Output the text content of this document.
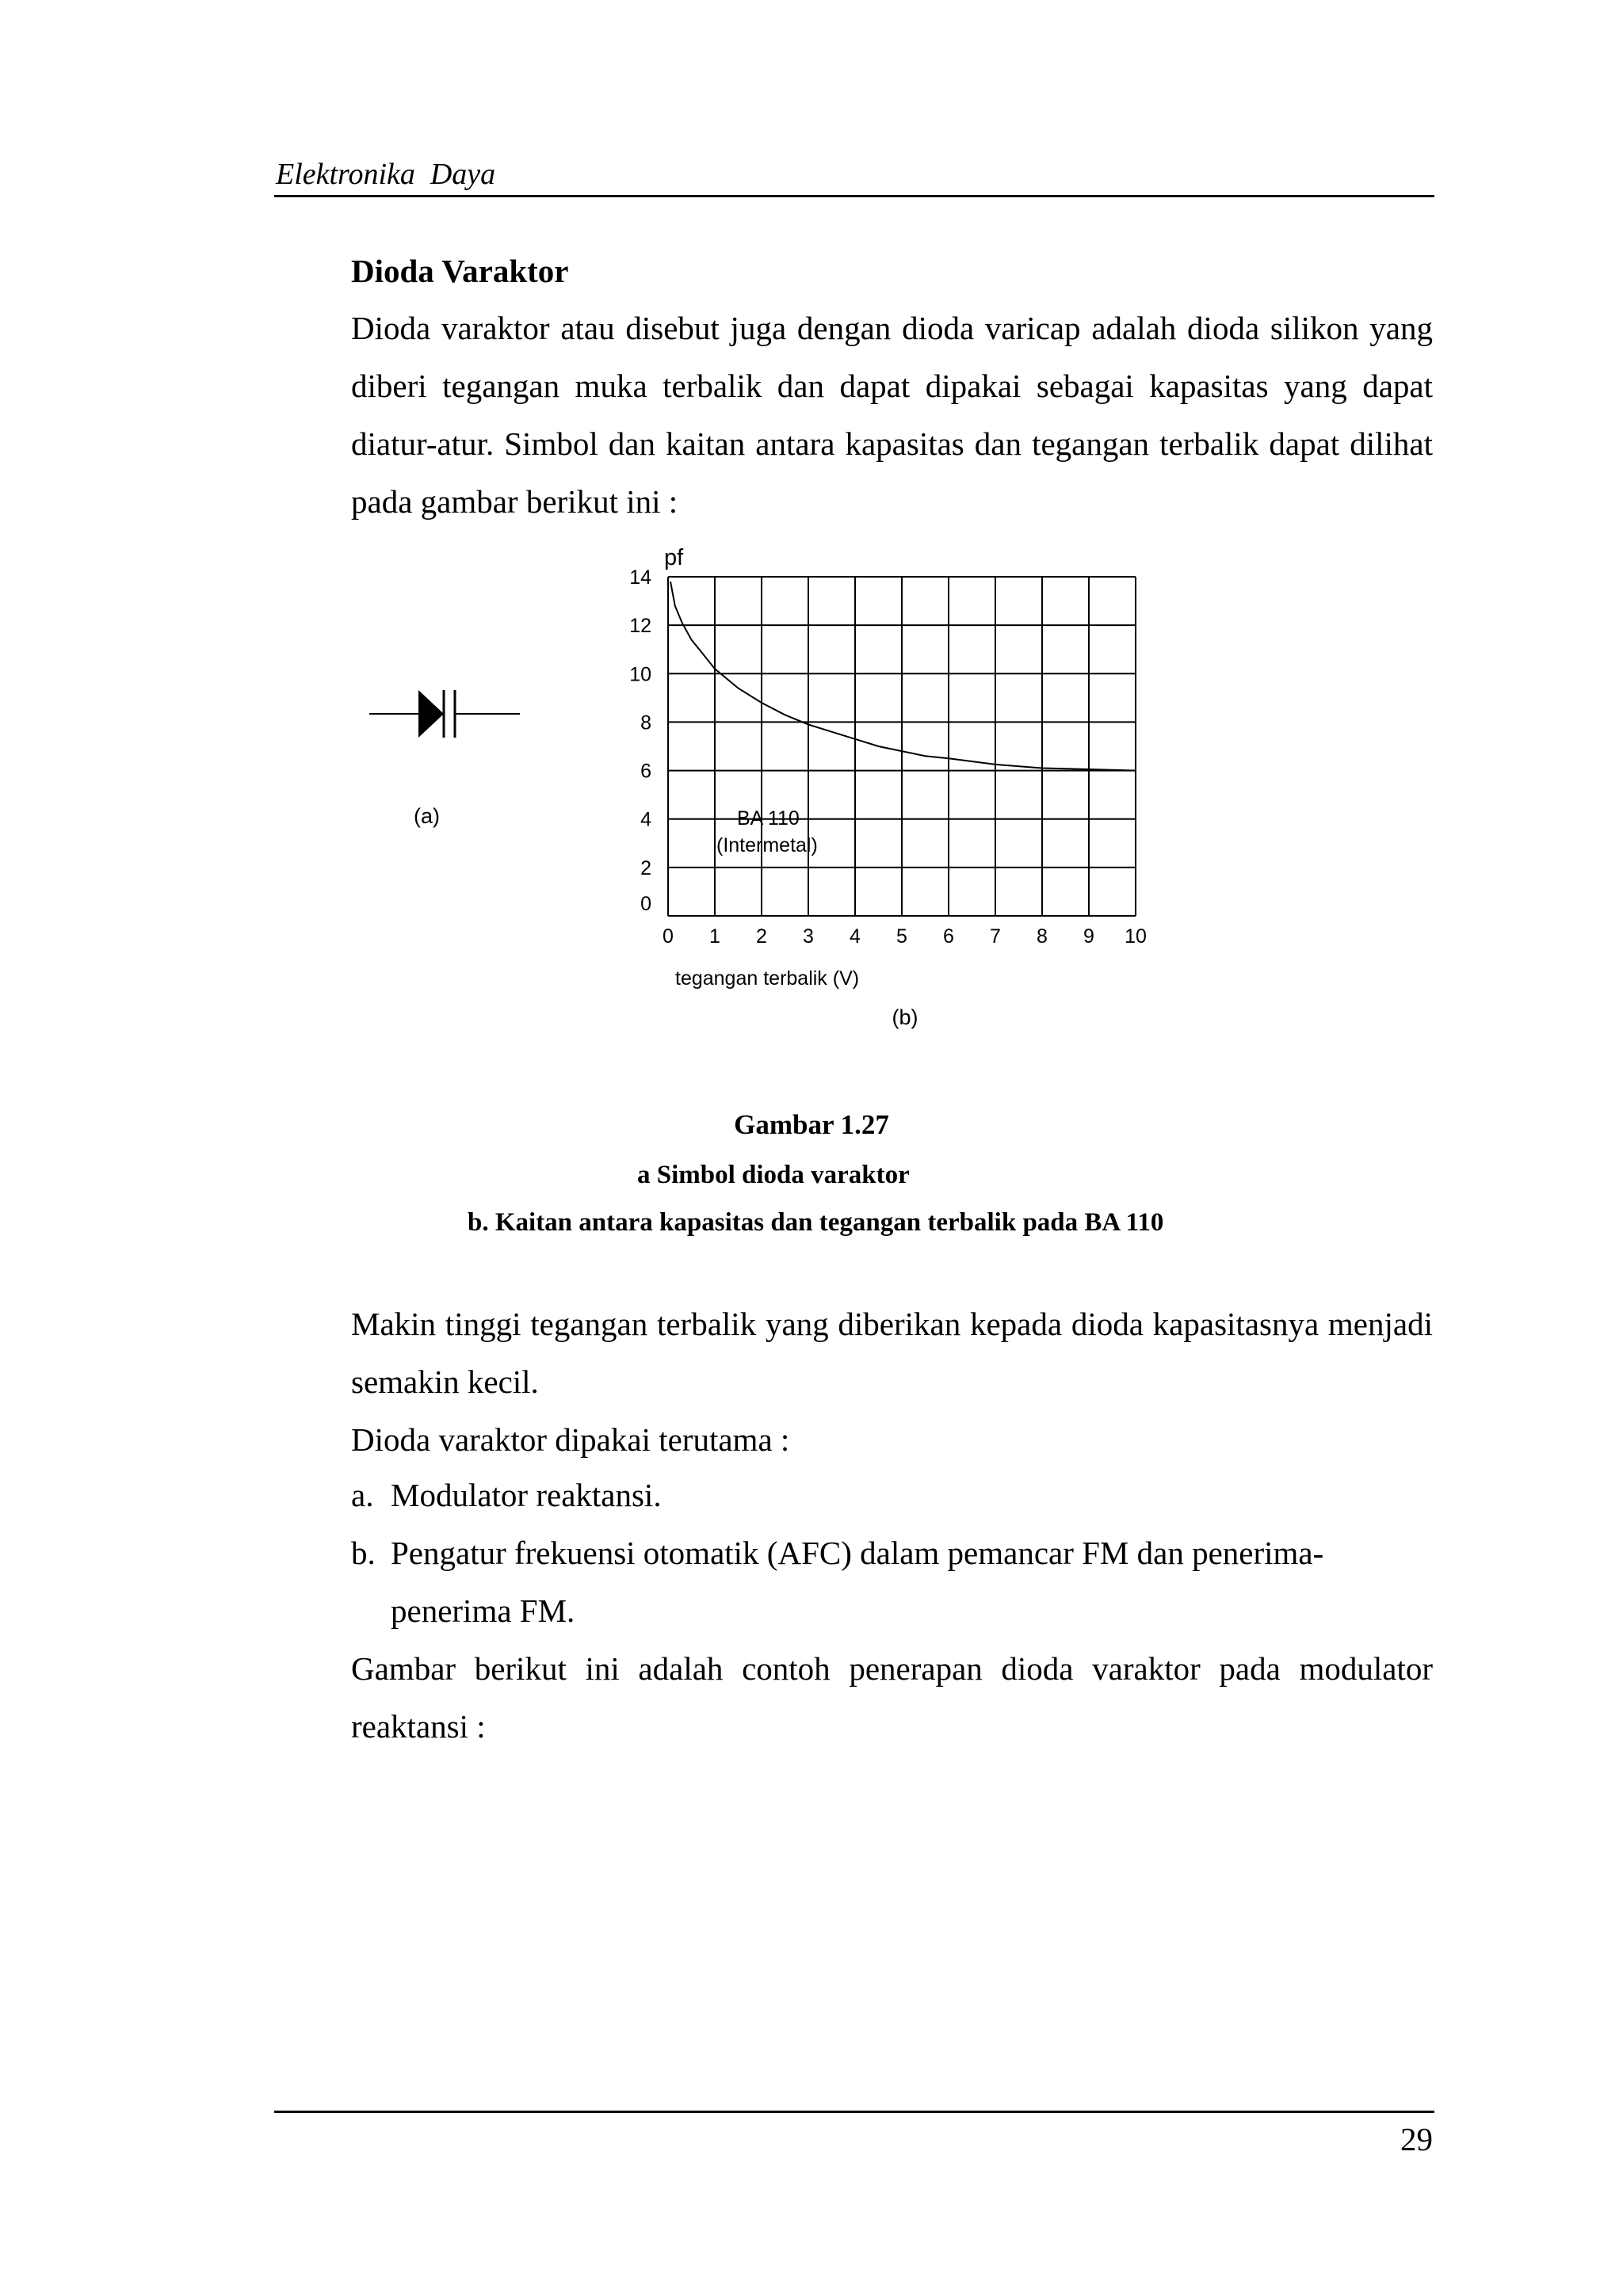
Elektronika  Daya
Dioda Varaktor

Dioda varaktor atau disebut juga dengan dioda varicap adalah dioda silikon yang diberi tegangan muka terbalik dan dapat dipakai sebagai kapasitas yang dapat diatur-atur. Simbol dan kaitan antara kapasitas dan tegangan terbalik dapat dilihat pada gambar berikut ini :

(a)
0 1 2 3 4 5 6 7 8 9 10
0
2
4
6
8
10
12
14
pf
tegangan terbalik (V)
BA 110
(Intermetal)
(b)
Gambar 1.27
a Simbol dioda varaktor
b. Kaitan antara kapasitas dan tegangan terbalik pada BA 110

Makin tinggi tegangan terbalik yang diberikan kepada dioda kapasitasnya menjadi semakin kecil.
Dioda varaktor dipakai terutama :

a. Modulator reaktansi.
b. Pengatur frekuensi otomatik (AFC) dalam pemancar FM dan penerima-penerima FM.

Gambar berikut ini adalah contoh penerapan dioda varaktor pada modulator reaktansi :

29
